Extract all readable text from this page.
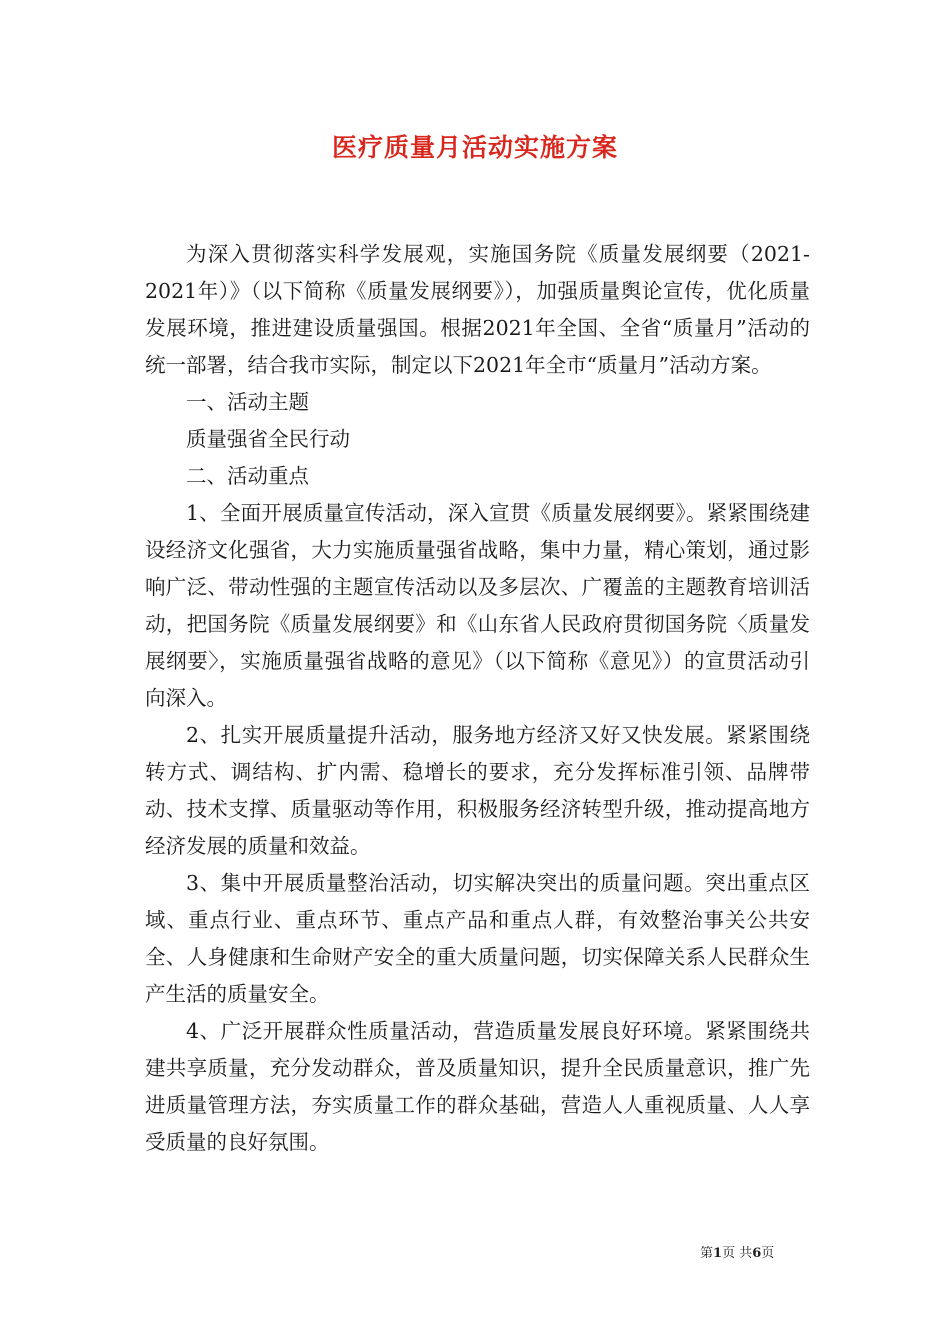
医疗质量月活动实施方案

为深入贯彻落实科学发展观，实施国务院《质量发展纲要（2021-2021年）》（以下简称《质量发展纲要》），加强质量舆论宣传，优化质量发展环境，推进建设质量强国。根据2021年全国、全省“质量月”活动的统一部署，结合我市实际，制定以下2021年全市“质量月”活动方案。

一、活动主题

质量强省全民行动

二、活动重点

1、全面开展质量宣传活动，深入宣贯《质量发展纲要》。紧紧围绕建设经济文化强省，大力实施质量强省战略，集中力量，精心策划，通过影响广泛、带动性强的主题宣传活动以及多层次、广覆盖的主题教育培训活动，把国务院《质量发展纲要》和《山东省人民政府贯彻国务院〈质量发展纲要〉，实施质量强省战略的意见》（以下简称《意见》）的宣贯活动引向深入。

2、扎实开展质量提升活动，服务地方经济又好又快发展。紧紧围绕转方式、调结构、扩内需、稳增长的要求，充分发挥标准引领、品牌带动、技术支撑、质量驱动等作用，积极服务经济转型升级，推动提高地方经济发展的质量和效益。

3、集中开展质量整治活动，切实解决突出的质量问题。突出重点区域、重点行业、重点环节、重点产品和重点人群，有效整治事关公共安全、人身健康和生命财产安全的重大质量问题，切实保障关系人民群众生产生活的质量安全。

4、广泛开展群众性质量活动，营造质量发展良好环境。紧紧围绕共建共享质量，充分发动群众，普及质量知识，提升全民质量意识，推广先进质量管理方法，夯实质量工作的群众基础，营造人人重视质量、人人享受质量的良好氛围。

第1页 共6页
